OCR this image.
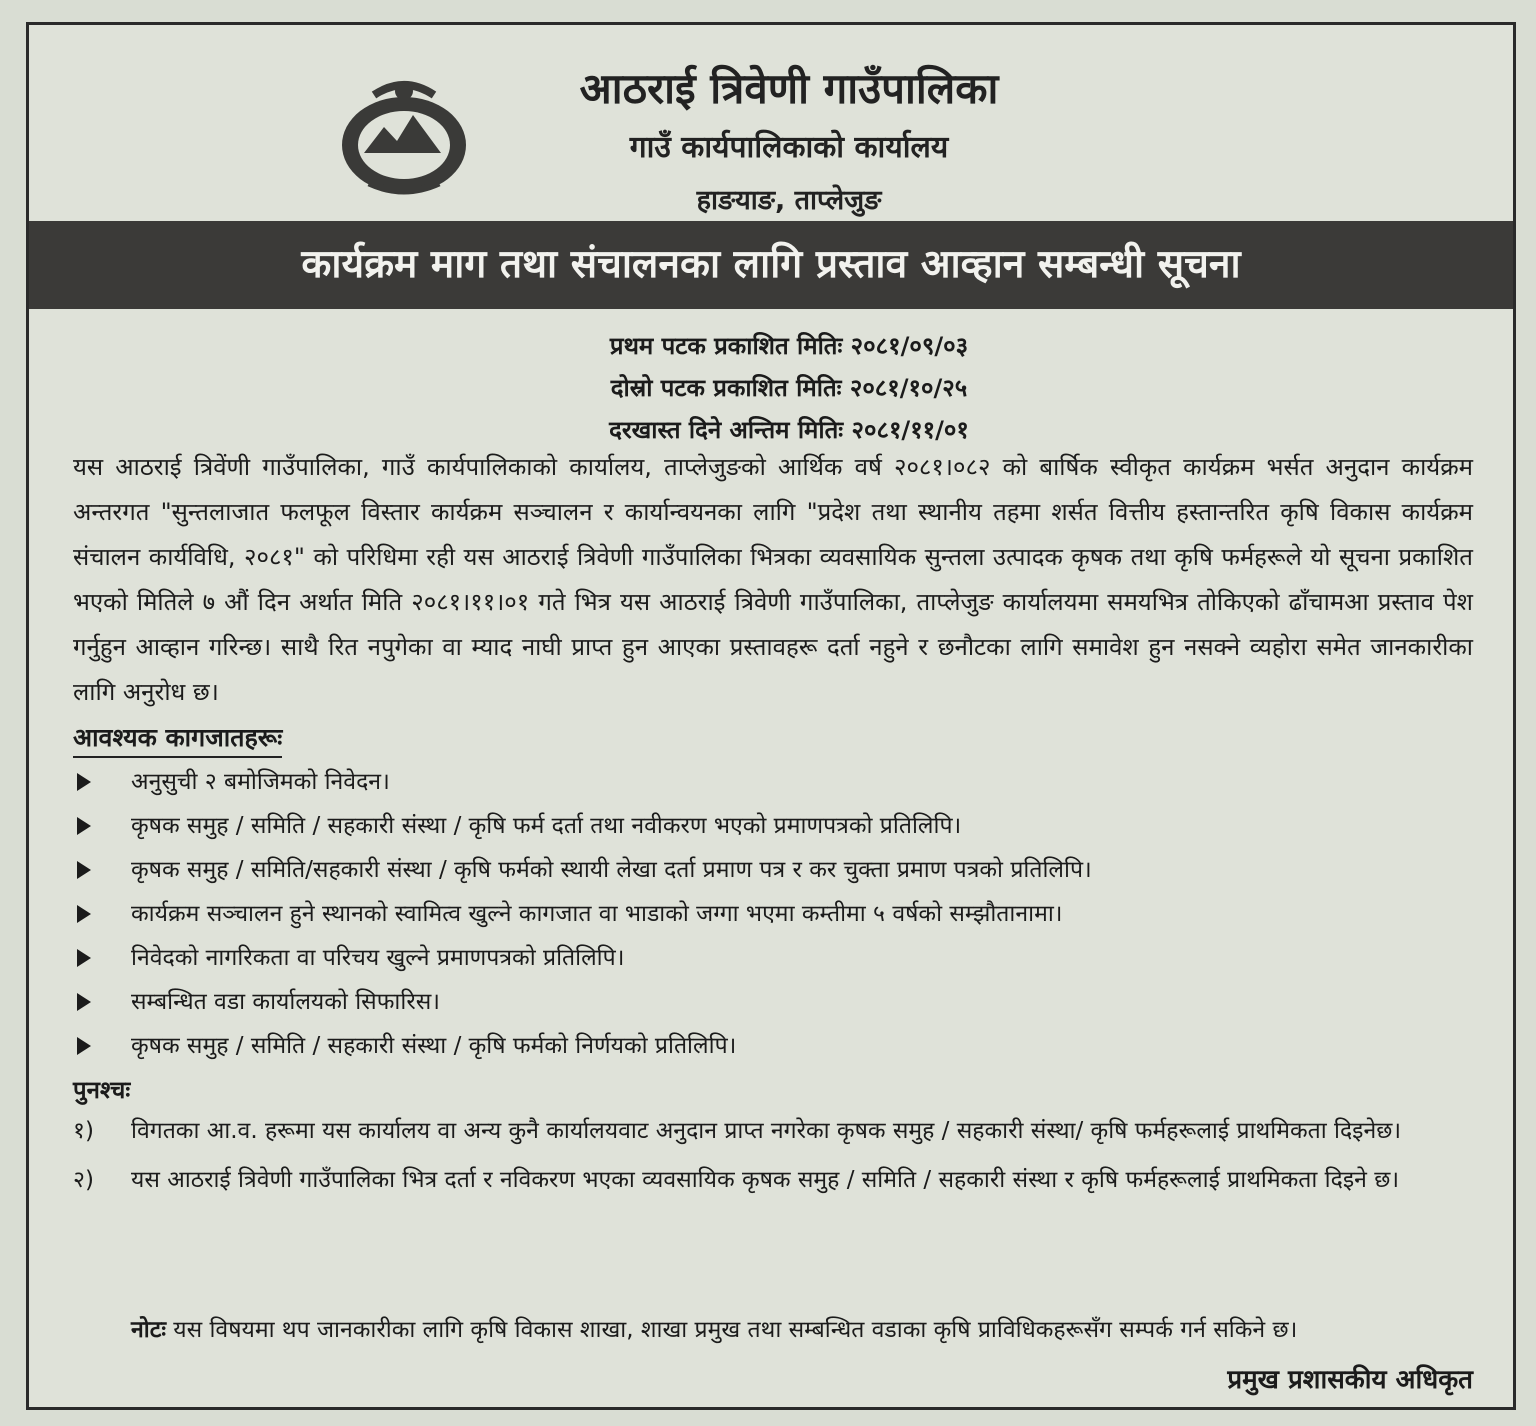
आठराई त्रिवेणी गाउँपालिका
गाउँ कार्यपालिकाको कार्यालय
हाङयाङ, ताप्लेजुङ
कार्यक्रम माग तथा संचालनका लागि प्रस्ताव आव्हान सम्बन्धी सूचना
प्रथम पटक प्रकाशित मितिः २०८१/०९/०३
दोस्रो पटक प्रकाशित मितिः २०८१/१०/२५
दरखास्त दिने अन्तिम मितिः २०८१/११/०१
यस आठराई त्रिवेंणी गाउँपालिका, गाउँ कार्यपालिकाको कार्यालय, ताप्लेजुङको आर्थिक वर्ष २०८१।०८२ को बार्षिक स्वीकृत कार्यक्रम भर्सत अनुदान कार्यक्रम अन्तरगत "सुन्तलाजात फलफूल विस्तार कार्यक्रम सञ्चालन र कार्यान्वयनका लागि "प्रदेश तथा स्थानीय तहमा शर्सत वित्तीय हस्तान्तरित कृषि विकास कार्यक्रम संचालन कार्यविधि, २०८१" को परिधिमा रही यस आठराई त्रिवेणी गाउँपालिका भित्रका व्यवसायिक सुन्तला उत्पादक कृषक तथा कृषि फर्महरूले यो सूचना प्रकाशित भएको मितिले ७ औं दिन अर्थात मिति २०८१।११।०१ गते भित्र यस आठराई त्रिवेणी गाउँपालिका, ताप्लेजुङ कार्यालयमा समयभित्र तोकिएको ढाँचामआ प्रस्ताव पेश गर्नुहुन आव्हान गरिन्छ। साथै रित नपुगेका वा म्याद नाघी प्राप्त हुन आएका प्रस्तावहरू दर्ता नहुने र छनौटका लागि समावेश हुन नसक्ने व्यहोरा समेत जानकारीका लागि अनुरोध छ।
आवश्यक कागजातहरूः
अनुसुची २ बमोजिमको निवेदन।
कृषक समुह / समिति / सहकारी संस्था / कृषि फर्म दर्ता तथा नवीकरण भएको प्रमाणपत्रको प्रतिलिपि।
कृषक समुह / समिति/सहकारी संस्था / कृषि फर्मको स्थायी लेखा दर्ता प्रमाण पत्र र कर चुक्ता प्रमाण पत्रको प्रतिलिपि।
कार्यक्रम सञ्चालन हुने स्थानको स्वामित्व खुल्ने कागजात वा भाडाको जग्गा भएमा कम्तीमा ५ वर्षको सम्झौतानामा।
निवेदको नागरिकता वा परिचय खुल्ने प्रमाणपत्रको प्रतिलिपि।
सम्बन्धित वडा कार्यालयको सिफारिस।
कृषक समुह / समिति / सहकारी संस्था / कृषि फर्मको निर्णयको प्रतिलिपि।
पुनश्चः
१) विगतका आ.व. हरूमा यस कार्यालय वा अन्य कुनै कार्यालयवाट अनुदान प्राप्त नगरेका कृषक समुह / सहकारी संस्था/ कृषि फर्महरूलाई प्राथमिकता दिइनेछ।
२) यस आठराई त्रिवेणी गाउँपालिका भित्र दर्ता र नविकरण भएका व्यवसायिक कृषक समुह / समिति / सहकारी संस्था र कृषि फर्महरूलाई प्राथमिकता दिइने छ।
नोटः यस विषयमा थप जानकारीका लागि कृषि विकास शाखा, शाखा प्रमुख तथा सम्बन्धित वडाका कृषि प्राविधिकहरूसँग सम्पर्क गर्न सकिने छ।
प्रमुख प्रशासकीय अधिकृत
